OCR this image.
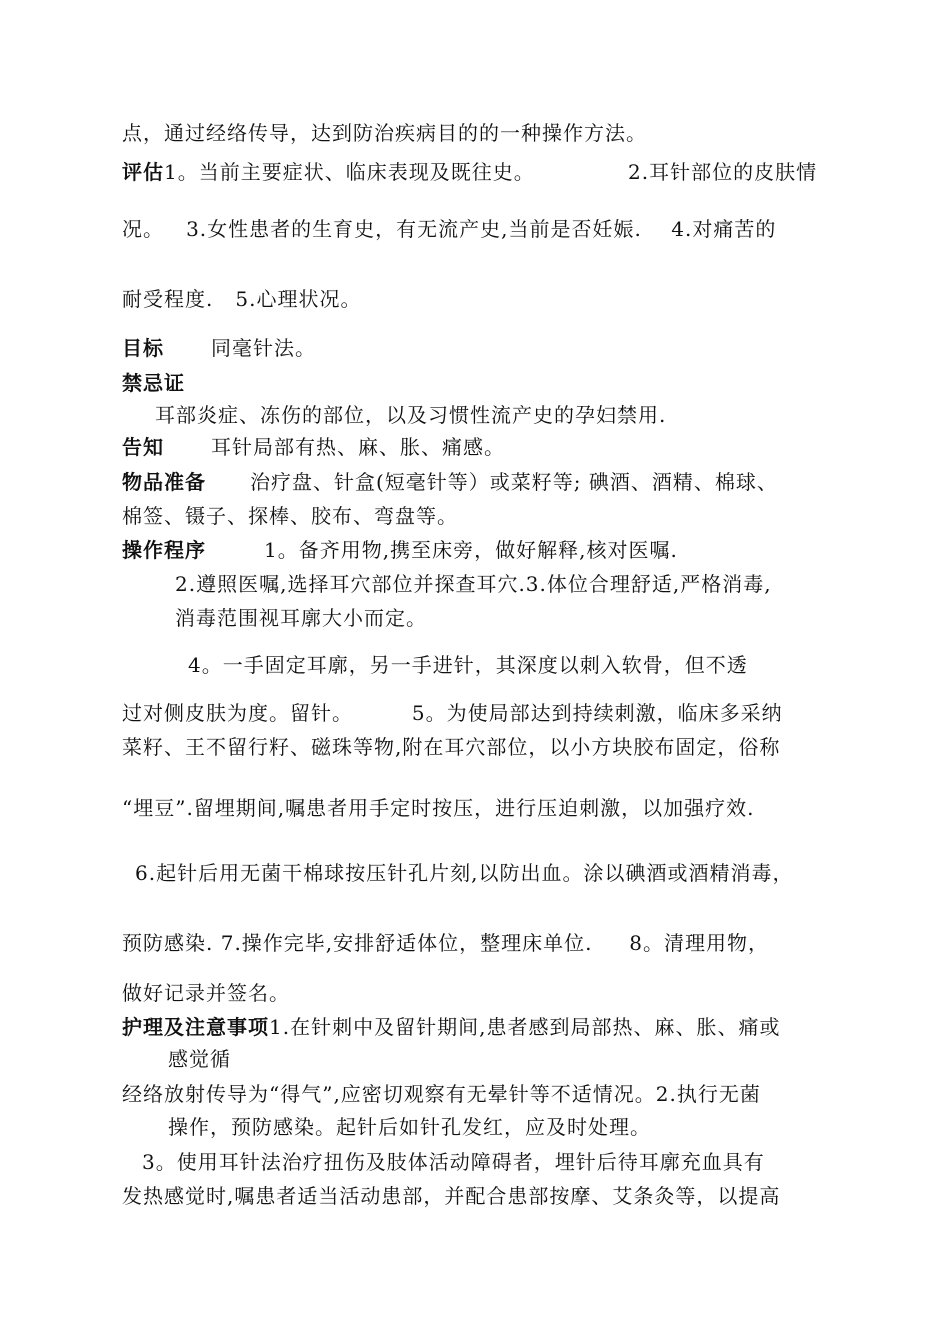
点，通过经络传导，达到防治疾病目的的一种操作方法。
评估1。当前主要症状、临床表现及既往史。	2.耳针部位的皮肤情
况。   3.女性患者的生育史，有无流产史,当前是否妊娠.    4.对痛苦的
耐受程度.   5.心理状况。
目标 同毫针法。
禁忌证
耳部炎症、冻伤的部位，以及习惯性流产史的孕妇禁用.
告知 耳针局部有热、麻、胀、痛感。
物品准备 治疗盘、针盒(短毫针等）或菜籽等; 碘酒、酒精、棉球、
棉签、镊子、探棒、胶布、弯盘等。
操作程序	1。备齐用物,携至床旁，做好解释,核对医嘱.
2.遵照医嘱,选择耳穴部位并探查耳穴.3.体位合理舒适,严格消毒,
消毒范围视耳廓大小而定。
4。一手固定耳廓，另一手进针，其深度以刺入软骨，但不透
过对侧皮肤为度。留针。        5。为使局部达到持续刺激，临床多采纳
菜籽、王不留行籽、磁珠等物,附在耳穴部位，以小方块胶布固定，俗称
“埋豆”.留埋期间,嘱患者用手定时按压，进行压迫刺激，以加强疗效.
6.起针后用无菌干棉球按压针孔片刻,以防出血。涂以碘酒或酒精消毒，
预防感染. 7.操作完毕,安排舒适体位，整理床单位.     8。清理用物，
做好记录并签名。
护理及注意事项1.在针刺中及留针期间,患者感到局部热、麻、胀、痛或
感觉循
经络放射传导为“得气”,应密切观察有无晕针等不适情况。2.执行无菌
操作，预防感染。起针后如针孔发红，应及时处理。
3。使用耳针法治疗扭伤及肢体活动障碍者，埋针后待耳廓充血具有
发热感觉时,嘱患者适当活动患部，并配合患部按摩、艾条灸等，以提高
